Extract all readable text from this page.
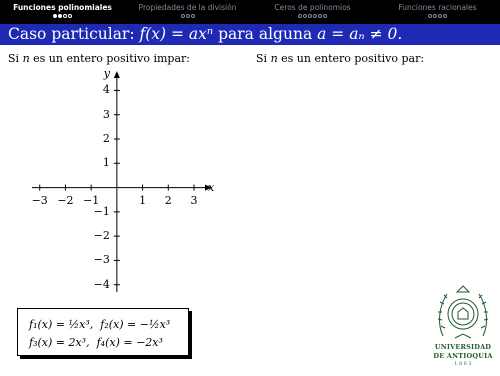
Funciones polinomiales	Propiedades de la división	Ceros de polinomios	Funciones racionales
Caso particular: f(x) = axⁿ para alguna a = aₙ ≠ 0.
Si n es un entero positivo impar:	Si n es un entero positivo par:
−3 −2 −1	1 2 3
−4
−3
−2
−1
1
2
3
4
x
y
f₁(x) = ½x³, f₂(x) = −½x³
f₃(x) = 2x³, f₄(x) = −2x³	UNIVERSIDAD
DE ANTIOQUIA
1 8 0 3
